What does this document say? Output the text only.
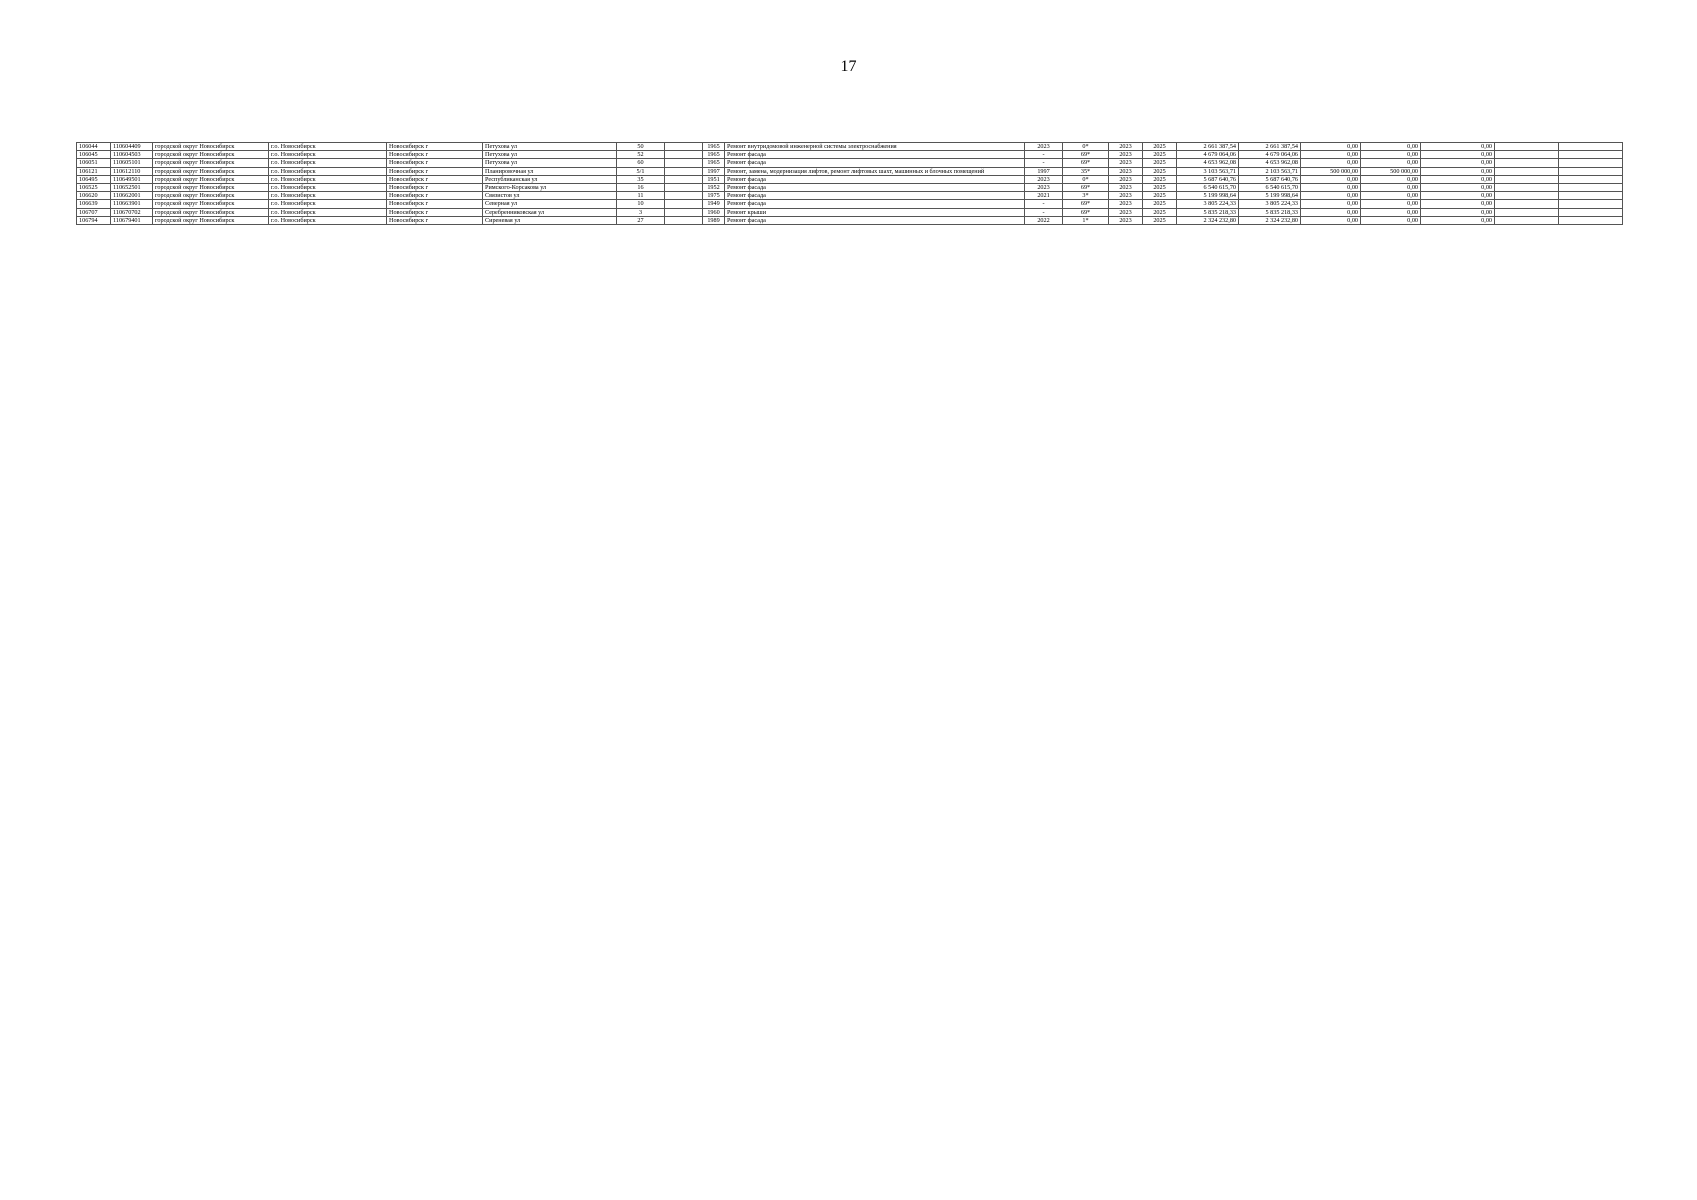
17
106044	110604409	городской округ Новосибирск	г.о. Новосибирск	Новосибирск г	Петухова ул	50		1965	Ремонт внутридомовой инженерной системы электроснабжения	2023	0*	2023	2025	2 661 387,54	2 661 387,54	0,00	0,00	0,00		
106045	110604503	городской округ Новосибирск	г.о. Новосибирск	Новосибирск г	Петухова ул	52		1965	Ремонт фасада	-	69*	2023	2025	4 679 064,06	4 679 064,06	0,00	0,00	0,00		
106051	110605101	городской округ Новосибирск	г.о. Новосибирск	Новосибирск г	Петухова ул	60		1965	Ремонт фасада	-	69*	2023	2025	4 653 962,08	4 653 962,08	0,00	0,00	0,00		
106121	110612110	городской округ Новосибирск	г.о. Новосибирск	Новосибирск г	Планировочная ул	5/1		1997	Ремонт, замена, модернизация лифтов, ремонт лифтовых шахт, машинных и блочных помещений	1997	35*	2023	2025	3 103 563,71	2 103 563,71	500 000,00	500 000,00	0,00		
106495	110649501	городской округ Новосибирск	г.о. Новосибирск	Новосибирск г	Республиканская ул	35		1951	Ремонт фасада	2023	0*	2023	2025	5 687 640,76	5 687 640,76	0,00	0,00	0,00		
106525	110652501	городской округ Новосибирск	г.о. Новосибирск	Новосибирск г	Римского-Корсакова ул	16		1952	Ремонт фасада	2023	69*	2023	2025	6 540 615,70	6 540 615,70	0,00	0,00	0,00		
106620	110662001	городской округ Новосибирск	г.о. Новосибирск	Новосибирск г	Связистов ул	11		1975	Ремонт фасада	2021	3*	2023	2025	5 199 998,64	5 199 998,64	0,00	0,00	0,00		
106639	110663901	городской округ Новосибирск	г.о. Новосибирск	Новосибирск г	Северная ул	10		1949	Ремонт фасада	-	69*	2023	2025	3 805 224,33	3 805 224,33	0,00	0,00	0,00		
106707	110670702	городской округ Новосибирск	г.о. Новосибирск	Новосибирск г	Серебренниковская ул	3		1960	Ремонт крыши	-	69*	2023	2025	5 835 218,33	5 835 218,33	0,00	0,00	0,00		
106794	110679401	городской округ Новосибирск	г.о. Новосибирск	Новосибирск г	Сиреневая ул	27		1989	Ремонт фасада	2022	1*	2023	2025	2 324 232,80	2 324 232,80	0,00	0,00	0,00		
